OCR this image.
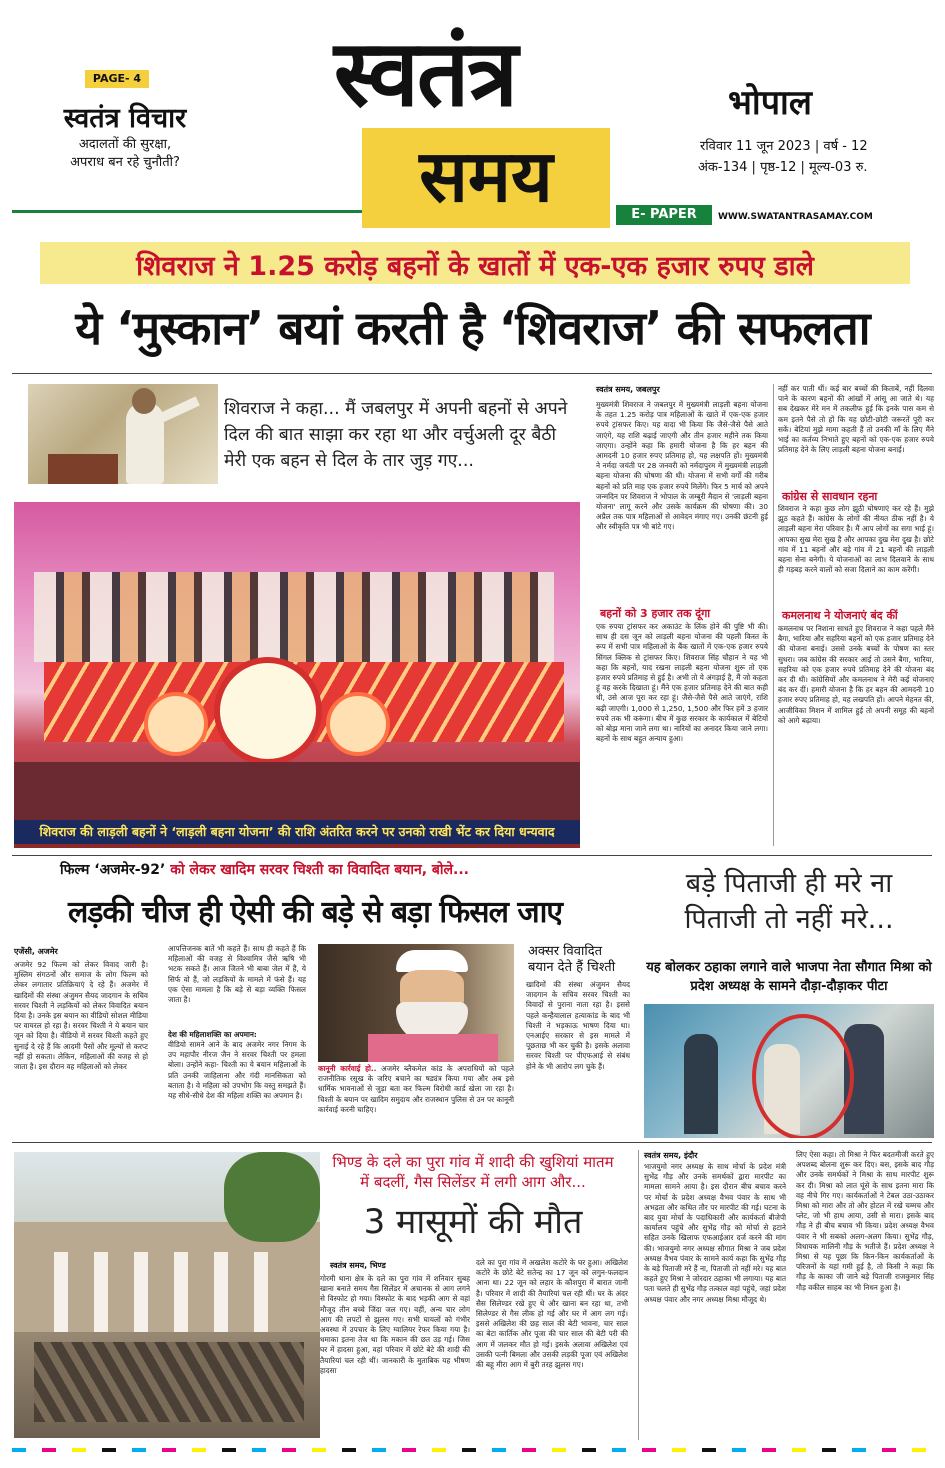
PAGE- 4
स्वतंत्र विचार
अदालतों की सुरक्षा,
अपराध बन रहे चुनौती?
स्वतंत्र
समय
भोपाल
रविवार 11 जून 2023 | वर्ष - 12
अंक-134 | पृष्ठ-12 | मूल्य-03 रु.
E- PAPER	WWW.SWATANTRASAMAY.COM
शिवराज ने 1.25 करोड़ बहनों के खातों में एक-एक हजार रुपए डाले
ये ‘मुस्कान’ बयां करती है ‘शिवराज’ की सफलता
शिवराज ने कहा... मैं जबलपुर में अपनी बहनों से अपने दिल की बात साझा कर रहा था और वर्चुअली दूर बैठी मेरी एक बहन से दिल के तार जुड़ गए...
शिवराज की लाड़ली बहनों ने ‘लाड़ली बहना योजना’ की राशि अंतरित करने पर उनको राखी भेंट कर दिया धन्यवाद
स्वतंत्र समय, जबलपुर
मुख्यमंत्री शिवराज ने जबलपुर में मुख्यमंत्री लाड़ली बहना योजना के तहत 1.25 करोड़ पात्र महिलाओं के खाते में एक-एक हजार रुपये ट्रांसफर किए। यह वादा भी किया कि जैसे-जैसे पैसे आते जाएंगे, यह राशि बढ़ाई जाएगी और तीन हजार महीने तक किया जाएगा। उन्होंने कहा कि हमारी योजना है कि हर बहन की आमदनी 10 हजार रुपए प्रतिमाह हो, यह लक्षपति हों। मुख्यमंत्री ने नर्मदा जयंती पर 28 जनवरी को नर्मदापुरम में मुख्यमंत्री लाड़ली बहना योजना की घोषणा की थी। योजना में सभी वर्गों की गरीब बहनों को प्रति माह एक हजार रुपये मिलेंगे। फिर 5 मार्च को अपने जन्मदिन पर शिवराज ने भोपाल के जम्बूरी मैदान से 'लाड़ली बहना योजना' लागू करने और उसके कार्यक्रम की घोषणा की। 30 अप्रैल तक पात्र महिलाओं से आवेदन मंगाए गए। उनकी छंटनी हुई और स्वीकृति पत्र भी बांटे गए।
बहनों को 3 हजार तक दूंगा
एक रुपया ट्रांसफर कर अकाउंट के लिंक होने की पुष्टि भी की। साथ ही दस जून को लाड़ली बहना योजना की पहली किस्त के रूप में सभी पात्र महिलाओं के बैंक खातों में एक-एक हजार रुपये सिंगल क्लिक से ट्रांसफर किए। शिवराज सिंह चौहान ने यह भी कहा कि बहनों, याद रखना लाड़ली बहना योजना शुरू तो एक हजार रुपये प्रतिमाह से हुई है। अभी तो ये अंगड़ाई है, मैं जो कहता हूं वह करके दिखाता हूं। मैंने एक हजार प्रतिमाह देने की बात कही थी, उसे आज पूरा कर रहा हूं। जैसे-जैसे पैसे आते जाएंगे, राशि बढ़ी जाएगी। 1,000 से 1,250, 1,500 और फिर हमें 3 हजार रुपये तक भी करूंगा। बीच में कुछ सरकार के कार्यकाल में बेटियों को बोझ माना जाने लगा था। नारियों का अनादर किया जाने लगा। बहनों के साथ बहुत अन्याय हुआ।
नहीं कर पाती थीं। कई बार बच्चों की किताबें, नहीं दिलवा पाने के कारण बहनों की आंखों में आंसू आ जाते थे। यह सब देखकर मेरे मन में तकलीफ हुई कि इनके पास कम से कम इतने पैसे तो हों कि यह छोटी-छोटी जरूरतें पूरी कर सकें। बेटियां मुझे मामा कहती हैं तो उनकी माँ के लिए मैंने भाई का कर्तव्य निभाते हुए बहनों को एक-एक हजार रुपये प्रतिमाह देने के लिए लाड़ली बहना योजना बनाई।
कांग्रेस से सावधान रहना
शिवराज ने कहा कुछ लोग झूठी घोषणाएं कर रहे हैं। मुझे झूठ कहते हैं। कांग्रेस के लोगों की नीयत ठीक नहीं है। ये लाड़ली बहना मेरा परिवार है। मैं आप लोगों का सगा भाई हूं। आपका सुख मेरा सुख है और आपका दुख मेरा दुख है। छोटे गांव में 11 बहनों और बड़े गांव में 21 बहनों की लाड़ली बहना सेना बनेगी। ये योजनाओं का लाभ दिलवाने के साथ ही गड़बड़ करने वालों को सजा दिलाने का काम करेंगी।
कमलनाथ ने योजनाएं बंद कीं
कमलनाथ पर निशाना साधते हुए शिवराज ने कहा पहले मैंने बैगा, भारिया और सहरिया बहनों को एक हजार प्रतिमाह देने की योजना बनाई। उससे उनके बच्चों के पोषण का स्तर सुधरा। जब कांग्रेस की सरकार आई तो उसने बैगा, भारिया, सहरिया को एक हजार रुपये प्रतिमाह देने की योजना बंद कर दी थी। कांग्रेसियों और कमलनाथ ने मेरी कई योजनाएं बंद कर दीं। हमारी योजना है कि हर बहन की आमदनी 10 हजार रुपए प्रतिमाह हो, यह लखपति हों। आपने मेहनत की, आजीविका मिशन में शामिल हुई तो अपनी समूह की बहनों को आगे बढ़ाया।
फिल्म ‘अजमेर-92’ को लेकर खादिम सरवर चिश्ती का विवादित बयान, बोले...
लड़की चीज ही ऐसी की बड़े से बड़ा फिसल जाए
एजेंसी, अजमेर
अजमेर 92 फिल्म को लेकर विवाद जारी है। मुस्लिम संगठनों और समाज के लोग फिल्म को लेकर लगातार प्रतिक्रियाएं दे रहे हैं। अजमेर में खादिमों की संस्था अंजुमन सैयद जादगान के सचिव सरवर चिश्ती ने लड़कियों को लेकर विवादित बयान दिया है। उनके इस बयान का वीडियो सोशल मीडिया पर वायरल हो रहा है। सरवर चिश्ती ने ये बयान चार जून को दिया है। वीडियो में सरवर चिश्ती कहते हुए सुनाई दे रहे हैं कि आदमी पैसों और मूल्यों से करप्ट नहीं हो सकता। लेकिन, महिलाओं की वजह से हो जाता है। इस दौरान वह महिलाओं को लेकर
आपत्तिजनक बातें भी कहते हैं। साथ ही कहते हैं कि महिलाओं की वजह से विश्वामित्र जैसे ऋषि भी भटक सकते हैं। आज जितने भी बाबा जेल में हैं, ये सिर्फ वो हैं, जो लड़कियों के मामले में फंसे हैं। यह एक ऐसा मामला है कि बड़े से बड़ा व्यक्ति फिसल जाता है।
देश की महिलाशक्ति का अपमान:
वीडियो सामने आने के बाद अजमेर नगर निगम के उप महापौर नीरज जैन ने सरवर चिश्ती पर हमला बोला। उन्होंने कहा- चिश्ती का ये बयान महिलाओं के प्रति उनकी जाहिलाना और गंदी मानसिकता को बताता है। वे महिला को उपभोग कि वस्तु समझते हैं। यह सीधे-सीधे देश की महिला शक्ति का अपमान है।
कानूनी कार्रवाई हो.. अजमेर ब्लैकमेल कांड के अपराधियों को पहले राजनीतिक रसूख के जरिए बचाने का षड्यंत्र किया गया और अब इसे धार्मिक भावनाओं से जुड़ा बता कर फिल्म विरोधी कार्ड खेला जा रहा है। चिश्ती के बयान पर खादिम समुदाय और राजस्थान पुलिस से उन पर कानूनी कार्रवाई करनी चाहिए।
अक्सर विवादित बयान देते हैं चिश्ती
खादिमों की संस्था अंजुमन सैयद जादगान के सचिव सरवर चिश्ती का विवादों से पुराना नाता रहा है। इससे पहले कन्हैयालाल हत्याकांड के बाद भी चिश्ती ने भड़काऊ भाषण दिया था। एनआईए सरकार से इस मामले में पूछताछ भी कर चुकी है। इसके अलावा सरवर चिश्ती पर पीएफआई से संबंध होने के भी आरोप लग चुके हैं।
बड़े पिताजी ही मरे ना पिताजी तो नहीं मरे...
यह बोलकर ठहाका लगाने वाले भाजपा नेता सौगात मिश्रा को प्रदेश अध्यक्ष के सामने दौड़ा-दौड़ाकर पीटा
भिण्ड के दले का पुरा गांव में शादी की खुशियां मातम में बदलीं, गैस सिलेंडर में लगी आग और...
3 मासूमों की मौत
स्वतंत्र समय, भिण्ड
गोरमी थाना क्षेत्र के दले का पुरा गांव में शनिवार सुबह खाना बनाते समय गैस सिलेंडर में अचानक से आग लगने से विस्फोट हो गया। विस्फोट के बाद भड़की आग से वहां मौजूद तीन बच्चे जिंदा जल गए। वहीं, अन्य चार लोग आग की लपटों से झुलस गए। सभी घायलों को गंभीर अवस्था में उपचार के लिए ग्वालियर रेफर किया गया है। धमाका इतना तेज था कि मकान की छत उड़ गई। जिस घर में हादसा हुआ, वहां परिवार में छोटे बेटे की शादी की तैयारियां चल रही थीं। जानकारी के मुताबिक यह भीषण हादसा
दले का पुरा गांव में अखलेश कटोरे के घर हुआ। अखिलेश कटोरे के छोटे बेटे सतेन्द्र का 17 जून को लगुन-फलदान आना था। 22 जून को लहार के कौशपुरा में बारात जानी है। परिवार में शादी की तैयारियां चल रही थीं। घर के अंदर सैस सिलेण्डर रखे हुए थे और खाना बन रहा था, तभी सिलेण्डर से गैस लीक हो गई और घर में आग लग गई। इससे अखिलेश की छह साल की बेटी भावना, चार साल का बेटा कार्तिक और पूजा की चार साल की बेटी परी की आग में जलकर मौत हो गई। इसके अलावा अखिलेश एवं उसकी पत्नी बिमला और उसकी लड़की पूजा एवं अखिलेश की बहू मीरा आग में बुरी तरह झुलस गए।
स्वतंत्र समय, इंदौर
भाजयुमो नगर अध्यक्ष के साथ मोर्चा के प्रदेश मंत्री सुभेंद्र गौड़ और उनके समर्थकों द्वारा मारपीट का मामला सामने आया है। इस दौरान बीच बचाव करने पर मोर्चा के प्रदेश अध्यक्ष वैभव पंवार के साथ भी अभद्रता और कथित तौर पर मारपीट की गई। घटना के बाद युवा मोर्चा के पदाधिकारी और कार्यकर्ता बीजेपी कार्यालय पहुंचे और सुभेंद्र गौड़ को मोर्चा से हटाने सहित उनके खिलाफ एफआईआर दर्ज करने की मांग की। भाजयुमो नगर अध्यक्ष सौगात मिश्रा ने जब प्रदेश अध्यक्ष वैभव पंवार के सामने कार्य कहा कि सुभेंद्र गौड़ के बड़े पिताजी मरे हैं ना, पिताजी तो नहीं मरे। यह बात कहते हुए मिश्रा ने जोरदार ठहाका भी लगाया। यह बात पता चलते ही सुभेंद्र गौड़ तत्काल वहां पहुंचे, जहां प्रदेश अध्यक्ष पंवार और नगर अध्यक्ष मिश्रा मौजूद थे।
लिए ऐसा कहा। तो मिश्रा ने फिर बदतमीजी करते हुए अपशब्द बोलना शुरू कर दिए। बस, इसके बाद गौड़ और उनके समर्थकों ने मिश्रा के साथ मारपीट शुरू कर दी। मिश्रा को लात घूंसे के साथ इतना मारा कि वह नीचे गिर गए। कार्यकर्ताओं ने टेबल उठा-उठाकर मिश्रा को मारा और तो और होटल में रखे चम्मच और प्लेट, जो भी हाथ आया, उसी से मारा। इसके बाद गौड़ ने ही बीच बचाव भी किया। प्रदेश अध्यक्ष वैभव पंवार ने भी सबको अलग-अलग किया। सुभेंद्र गौड़, विधायक मालिनी गौड़ के भतीजे हैं। प्रदेश अध्यक्ष ने मिश्रा से यह पूछा कि किन-किन कार्यकर्ताओं के परिजनों के यहां गमी हुई है, तो किसी ने कहा कि गौड़ के काका जी जाने बड़े पिताजी राजकुमार सिंह गौड़ वकील साहब का भी निधन हुआ है।
